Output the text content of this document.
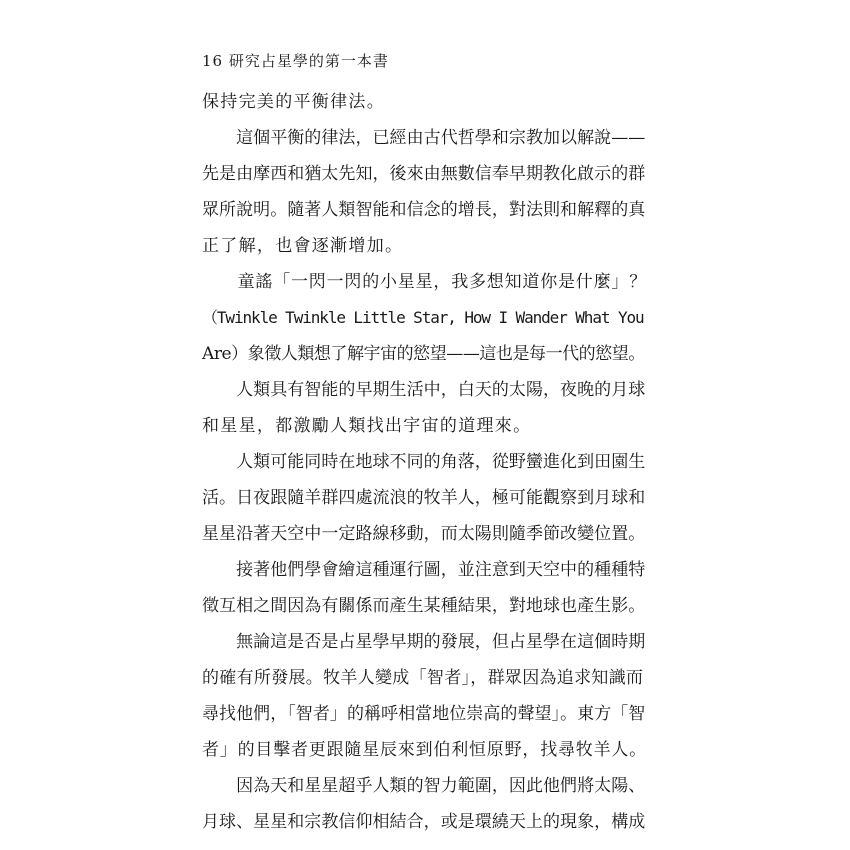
16 研究占星學的第一本書
保持完美的平衡律法。
　　這個平衡的律法，已經由古代哲學和宗教加以解說——
先是由摩西和猶太先知，後來由無數信奉早期教化啟示的群
眾所說明。隨著人類智能和信念的增長，對法則和解釋的真
正了解，也會逐漸增加。
　　童謠「一閃一閃的小星星，我多想知道你是什麼」？
（Twinkle Twinkle Little Star, How I Wander What You
Are）象徵人類想了解宇宙的慾望——這也是每一代的慾望。
　　人類具有智能的早期生活中，白天的太陽，夜晚的月球
和星星，都激勵人類找出宇宙的道理來。
　　人類可能同時在地球不同的角落，從野蠻進化到田園生
活。日夜跟隨羊群四處流浪的牧羊人，極可能觀察到月球和
星星沿著天空中一定路線移動，而太陽則隨季節改變位置。
　　接著他們學會繪這種運行圖，並注意到天空中的種種特
徵互相之間因為有關係而產生某種結果，對地球也產生影。
　　無論這是否是占星學早期的發展，但占星學在這個時期
的確有所發展。牧羊人變成「智者」，群眾因為追求知識而
尋找他們，「智者」的稱呼相當地位崇高的聲望」。東方「智
者」的目擊者更跟隨星辰來到伯利恒原野，找尋牧羊人。
　　因為天和星星超乎人類的智力範圍，因此他們將太陽、
月球、星星和宗教信仰相結合，或是環繞天上的現象，構成
